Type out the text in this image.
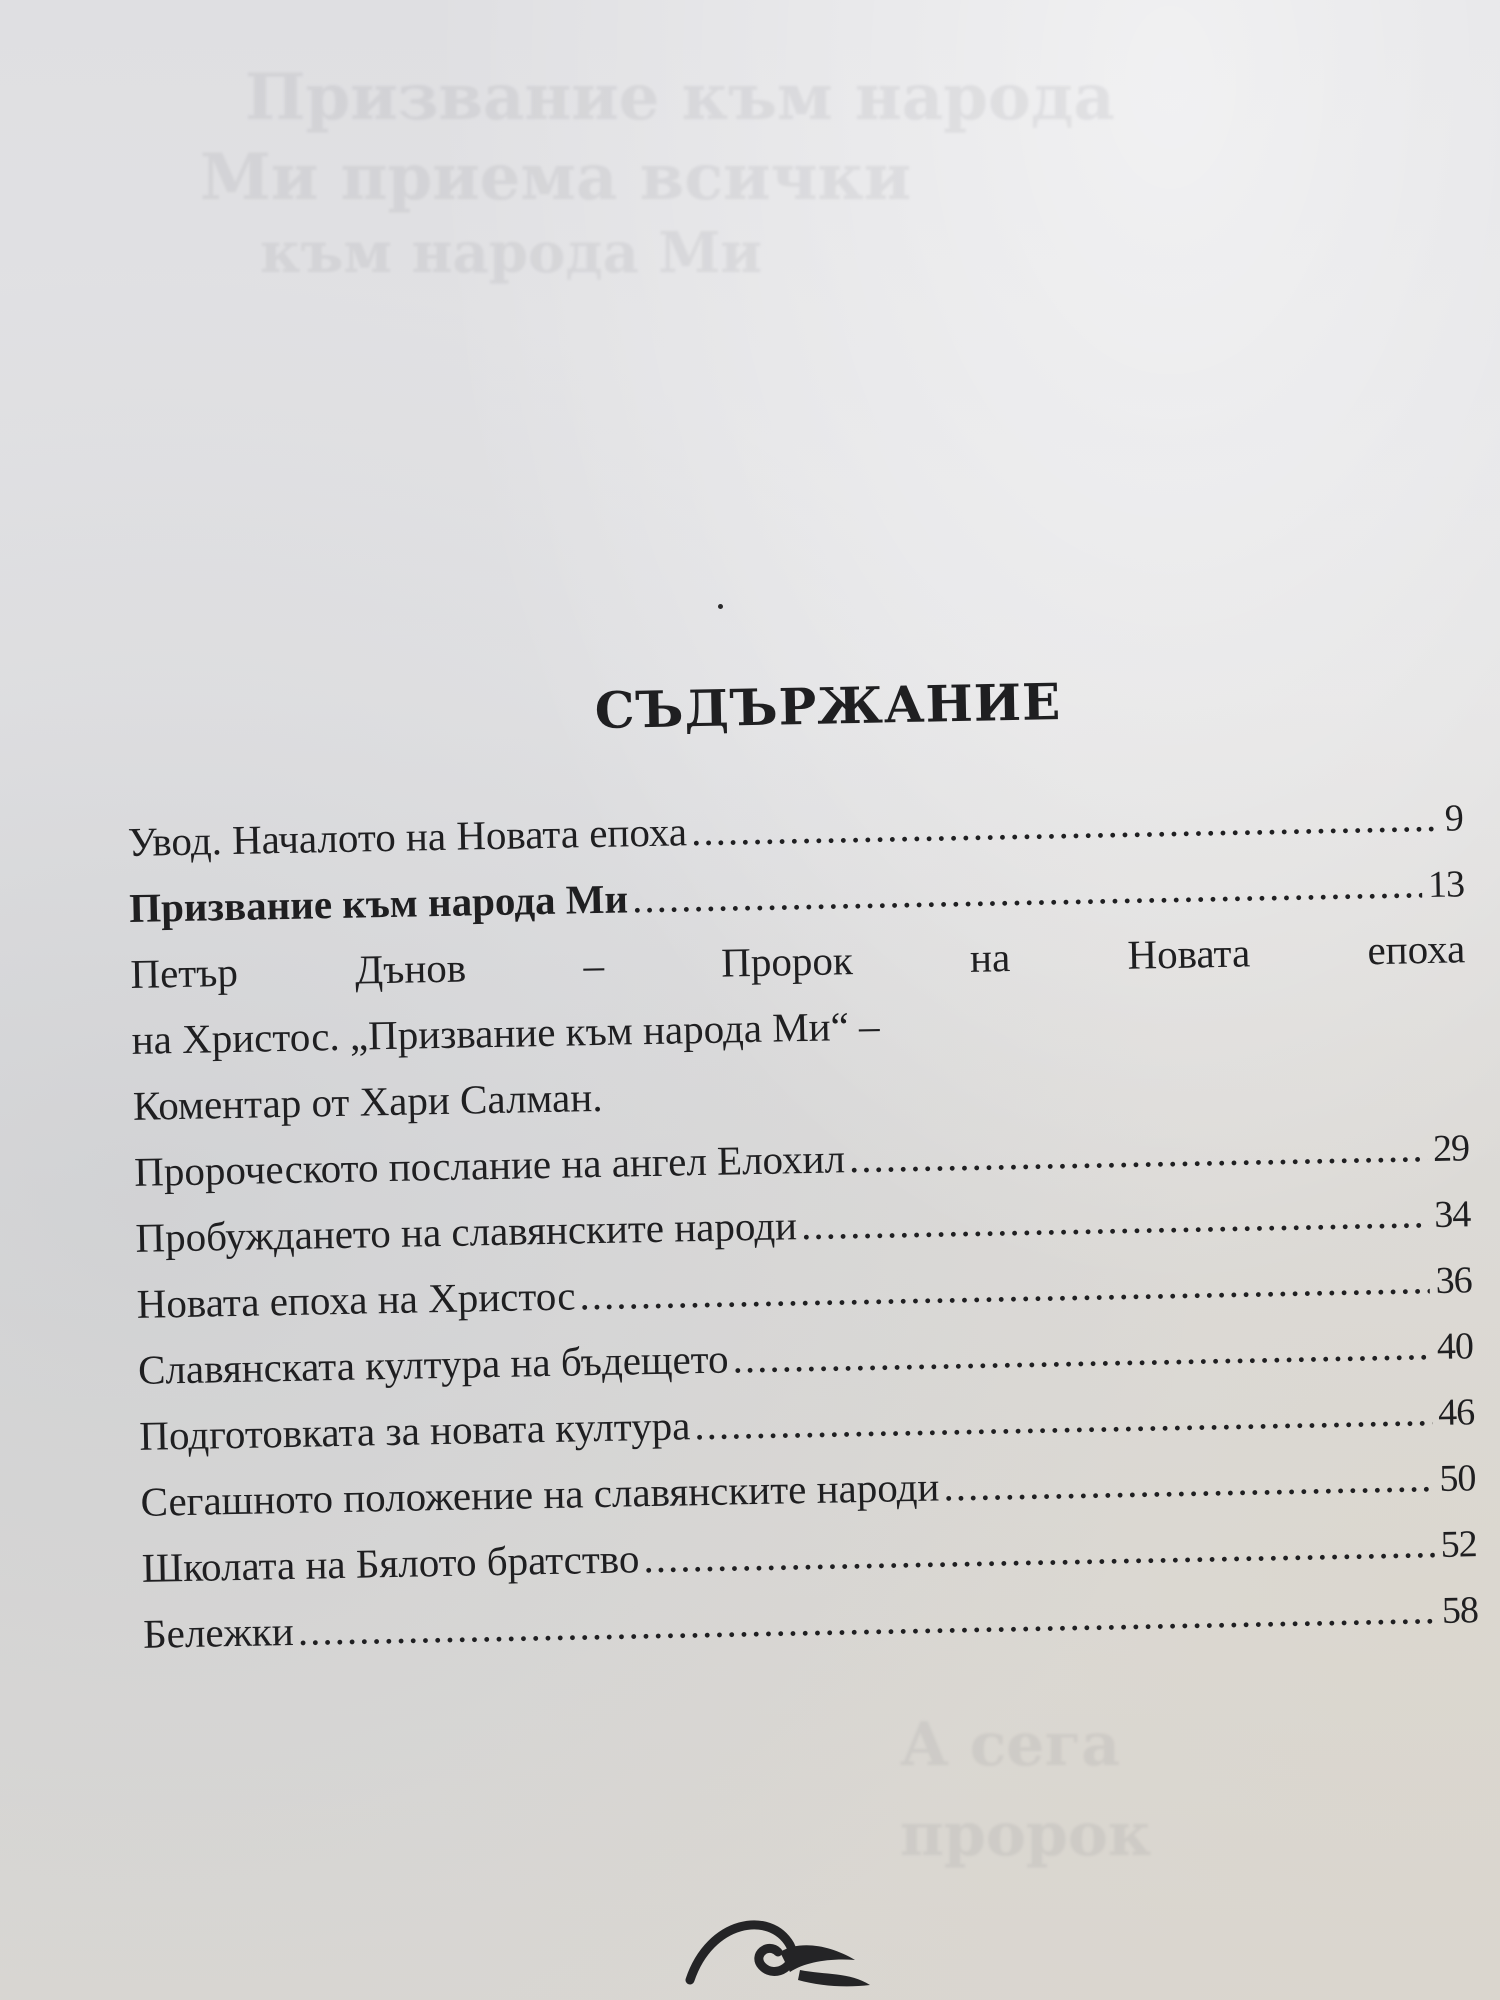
Призвание към народа
Ми приема всички
към народа Ми
А сега
пророк
СЪДЪРЖАНИЕ
Увод. Началото на Новата епоха .....	9
Призвание към народа Ми .....	13
Петър Дънов – Пророк на Новата епоха
на Христос. „Призвание към народа Ми“ –
Коментар от Хари Салман.
Пророческото послание на ангел Елохил .....	29
Пробуждането на славянските народи .....	34
Новата епоха на Христос .....	36
Славянската култура на бъдещето .....	40
Подготовката за новата култура .....	46
Сегашното положение на славянските народи .....	50
Школата на Бялото братство .....	52
Бележки .....	58
